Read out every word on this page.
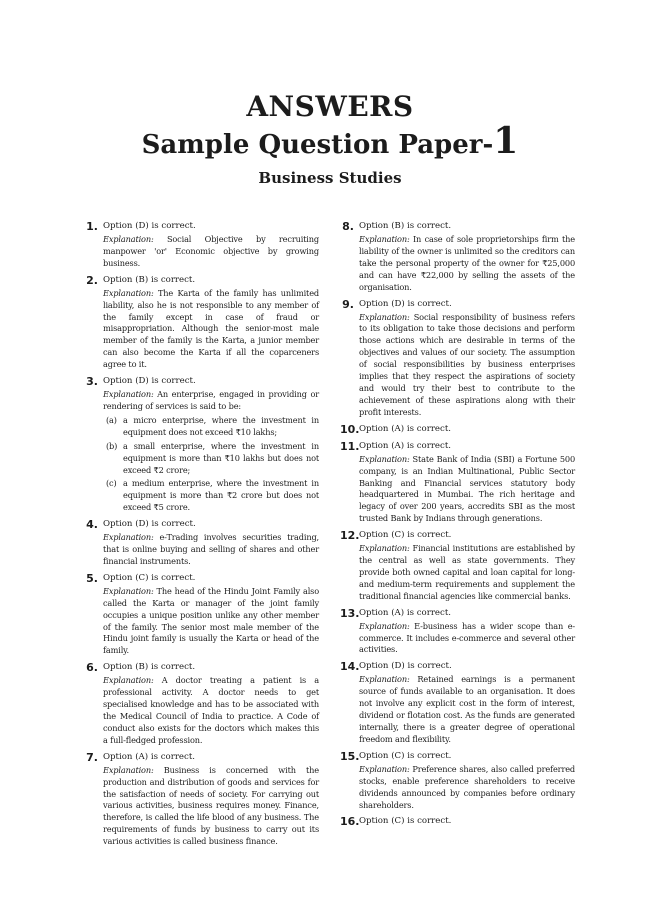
ANSWERS
Sample Question Paper-1
Business Studies
1. Option (D) is correct.

Explanation: Social Objective by recruiting manpower 'or' Economic objective by growing business.

2. Option (B) is correct.

Explanation: The Karta of the family has unlimited liability, also he is not responsible to any member of the family except in case of fraud or misappropriation. Although the senior-most male member of the family is the Karta, a junior member can also become the Karta if all the coparceners agree to it.

3. Option (D) is correct.

Explanation: An enterprise, engaged in providing or rendering of services is said to be:

(a) a micro enterprise, where the investment in equipment does not exceed ₹10 lakhs;
(b) a small enterprise, where the investment in equipment is more than ₹10 lakhs but does not exceed ₹2 crore;
(c) a medium enterprise, where the investment in equipment is more than ₹2 crore but does not exceed ₹5 crore.
4. Option (D) is correct.

Explanation: e-Trading involves securities trading, that is online buying and selling of shares and other financial instruments.

5. Option (C) is correct.

Explanation: The head of the Hindu Joint Family also called the Karta or manager of the joint family occupies a unique position unlike any other member of the family. The senior most male member of the Hindu joint family is usually the Karta or head of the family.

6. Option (B) is correct.

Explanation: A doctor treating a patient is a professional activity. A doctor needs to get specialised knowledge and has to be associated with the Medical Council of India to practice. A Code of conduct also exists for the doctors which makes this a full-fledged profession.

7. Option (A) is correct.

Explanation: Business is concerned with the production and distribution of goods and services for the satisfaction of needs of society. For carrying out various activities, business requires money. Finance, therefore, is called the life blood of any business. The requirements of funds by business to carry out its various activities is called business finance.

8. Option (B) is correct.

Explanation: In case of sole proprietorships firm the liability of the owner is unlimited so the creditors can take the personal property of the owner for ₹25,000 and can have ₹22,000 by selling the assets of the organisation.

9. Option (D) is correct.

Explanation: Social responsibility of business refers to its obligation to take those decisions and perform those actions which are desirable in terms of the objectives and values of our society. The assumption of social responsibilities by business enterprises implies that they respect the aspirations of society and would try their best to contribute to the achievement of these aspirations along with their profit interests.

10. Option (A) is correct.
11. Option (A) is correct.

Explanation: State Bank of India (SBI) a Fortune 500 company, is an Indian Multinational, Public Sector Banking and Financial services statutory body headquartered in Mumbai. The rich heritage and legacy of over 200 years, accredits SBI as the most trusted Bank by Indians through generations.

12. Option (C) is correct.

Explanation: Financial institutions are established by the central as well as state governments. They provide both owned capital and loan capital for long- and medium-term requirements and supplement the traditional financial agencies like commercial banks.

13. Option (A) is correct.

Explanation: E-business has a wider scope than e-commerce. It includes e-commerce and several other activities.

14. Option (D) is correct.

Explanation: Retained earnings is a permanent source of funds available to an organisation. It does not involve any explicit cost in the form of interest, dividend or flotation cost. As the funds are generated internally, there is a greater degree of operational freedom and flexibility.

15. Option (C) is correct.

Explanation: Preference shares, also called preferred stocks, enable preference shareholders to receive dividends announced by companies before ordinary shareholders.

16. Option (C) is correct.
